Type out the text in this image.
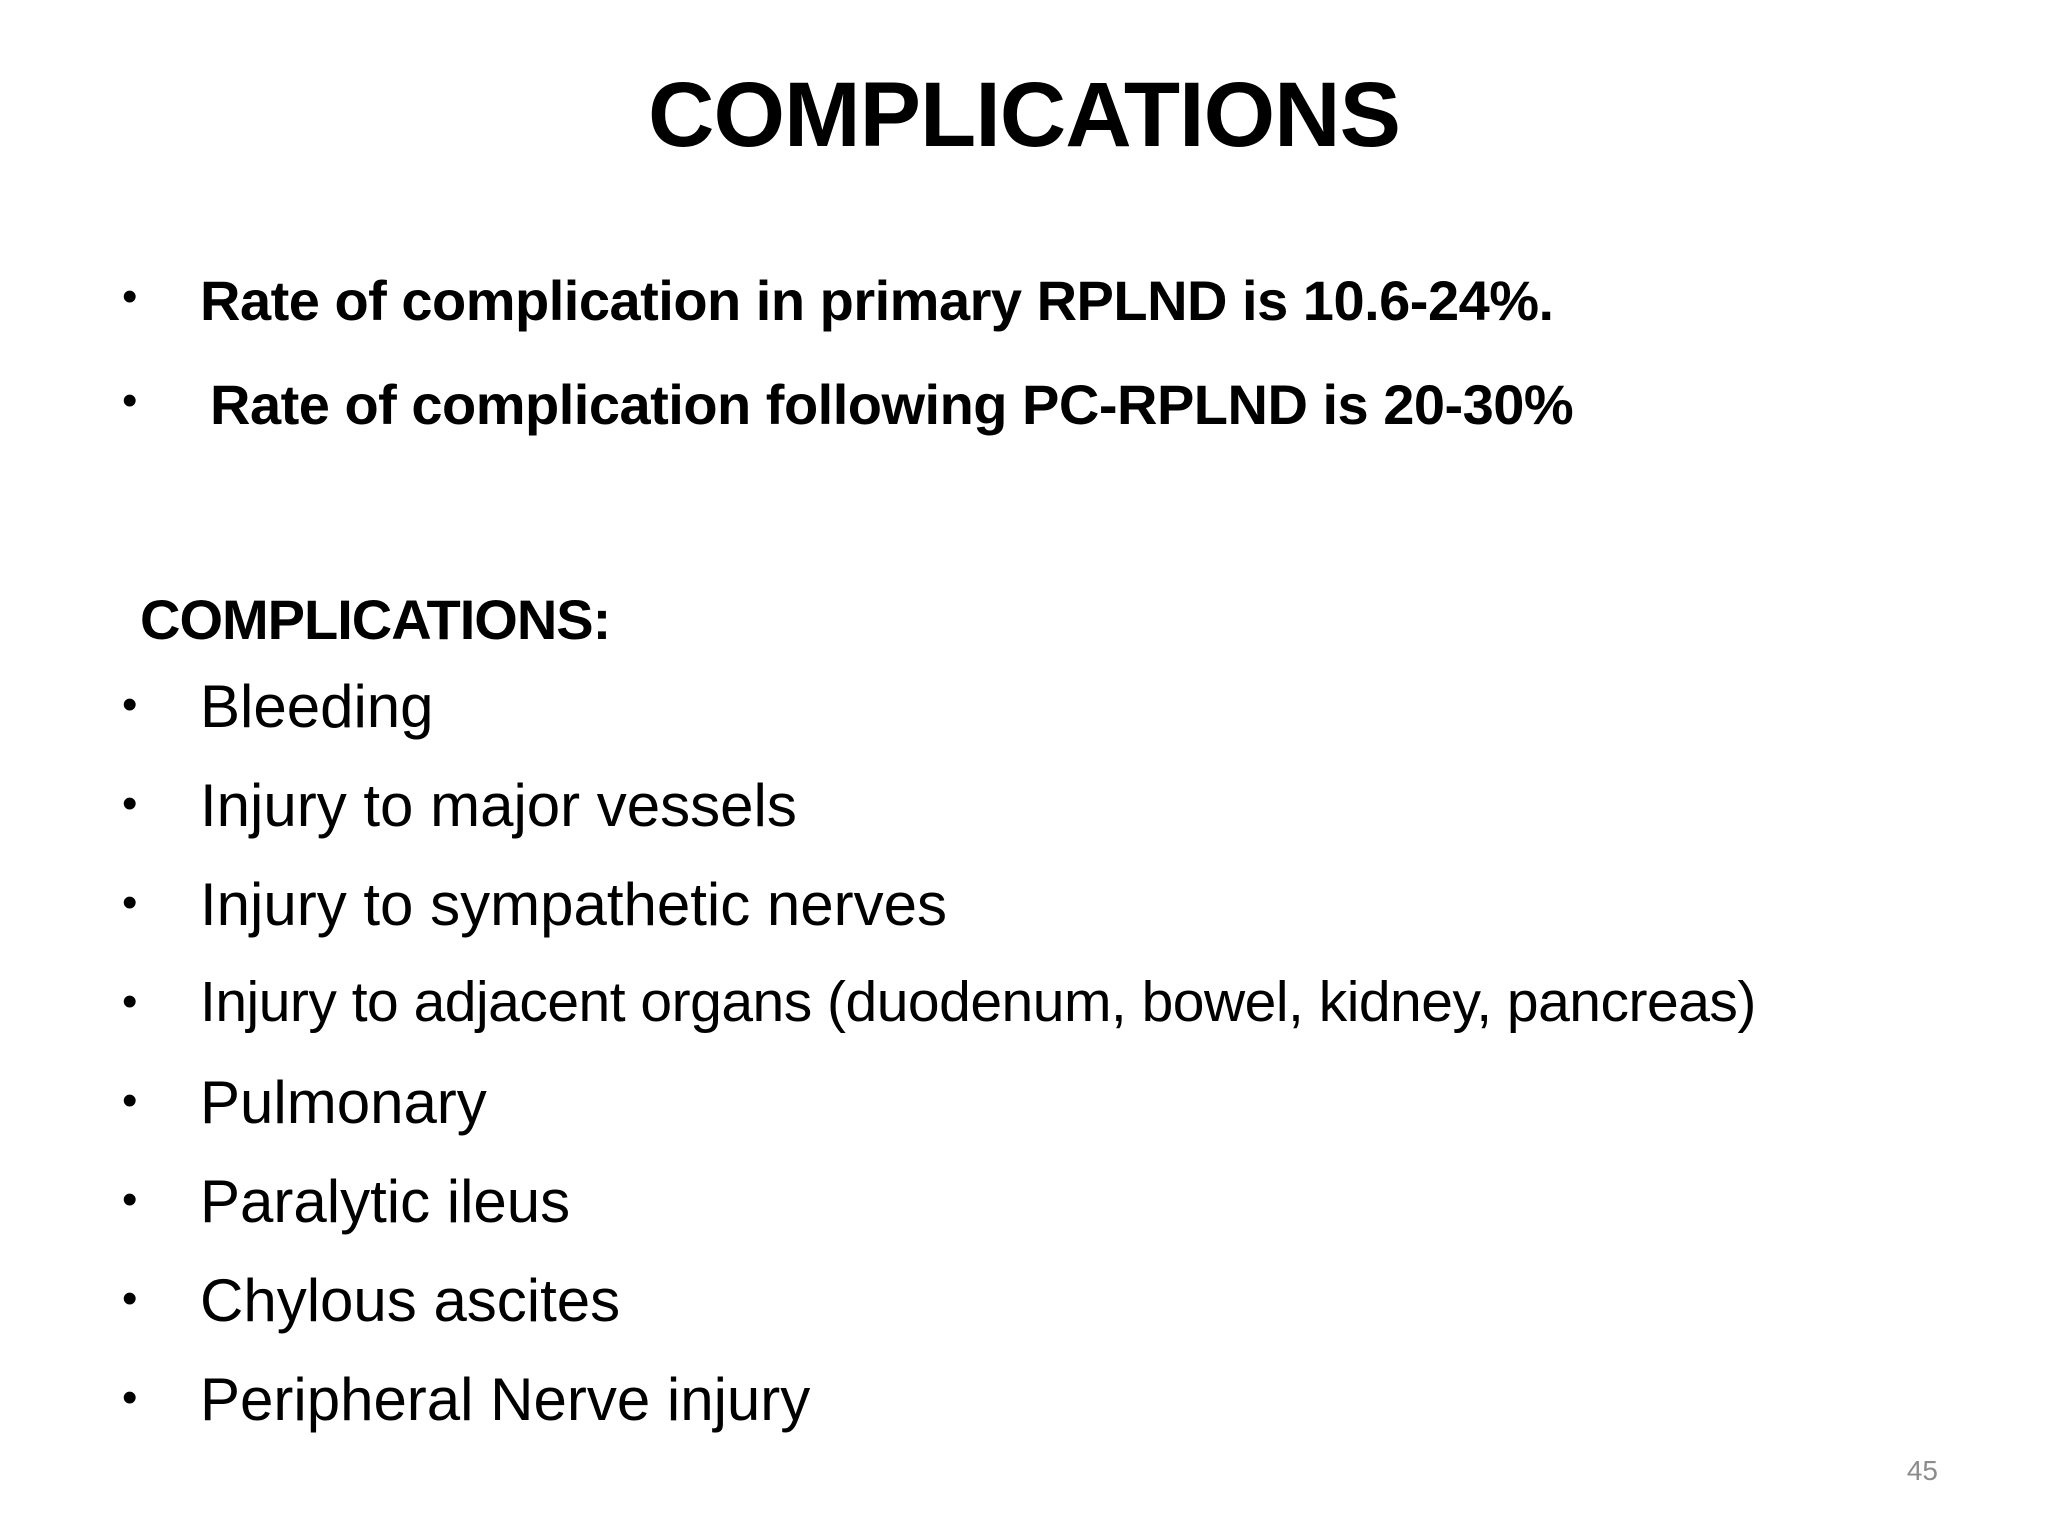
COMPLICATIONS
• Rate of complication in primary RPLND is 10.6-24%.
• Rate of complication following PC-RPLND is 20-30%
COMPLICATIONS:
• Bleeding
• Injury to major vessels
• Injury to sympathetic nerves
• Injury to adjacent organs (duodenum, bowel, kidney, pancreas)
• Pulmonary
• Paralytic ileus
• Chylous ascites
• Peripheral Nerve injury
45
